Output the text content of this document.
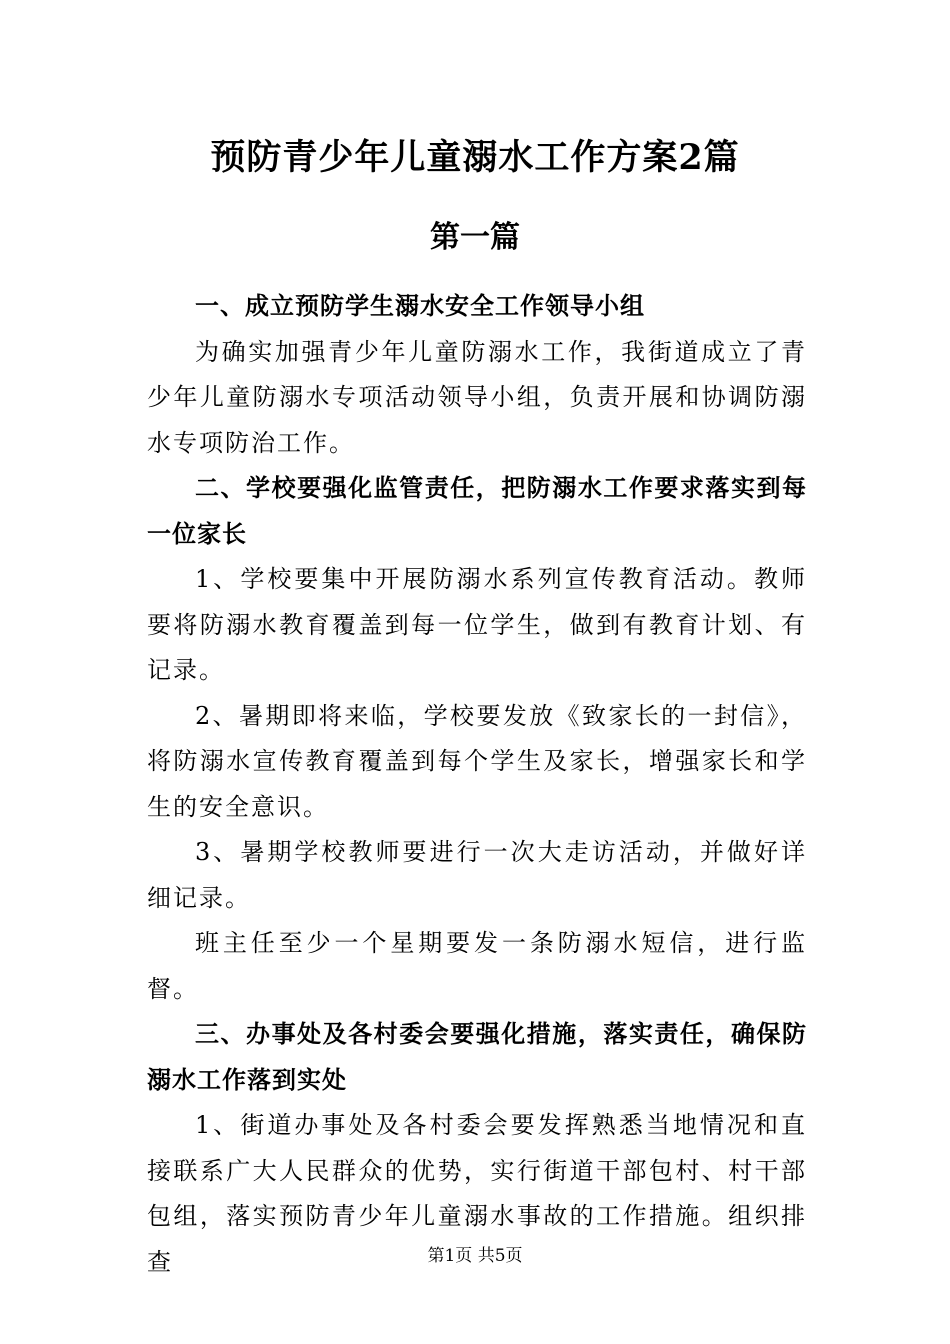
预防青少年儿童溺水工作方案2篇
第一篇

一、成立预防学生溺水安全工作领导小组

为确实加强青少年儿童防溺水工作，我街道成立了青少年儿童防溺水专项活动领导小组，负责开展和协调防溺水专项防治工作。

二、学校要强化监管责任，把防溺水工作要求落实到每一位家长

1、学校要集中开展防溺水系列宣传教育活动。教师要将防溺水教育覆盖到每一位学生，做到有教育计划、有记录。

2、暑期即将来临，学校要发放《致家长的一封信》，将防溺水宣传教育覆盖到每个学生及家长，增强家长和学生的安全意识。

3、暑期学校教师要进行一次大走访活动，并做好详细记录。

班主任至少一个星期要发一条防溺水短信，进行监督。

三、办事处及各村委会要强化措施，落实责任，确保防溺水工作落到实处

1、街道办事处及各村委会要发挥熟悉当地情况和直接联系广大人民群众的优势，实行街道干部包村、村干部包组，落实预防青少年儿童溺水事故的工作措施。组织排查	第1页 共5页
